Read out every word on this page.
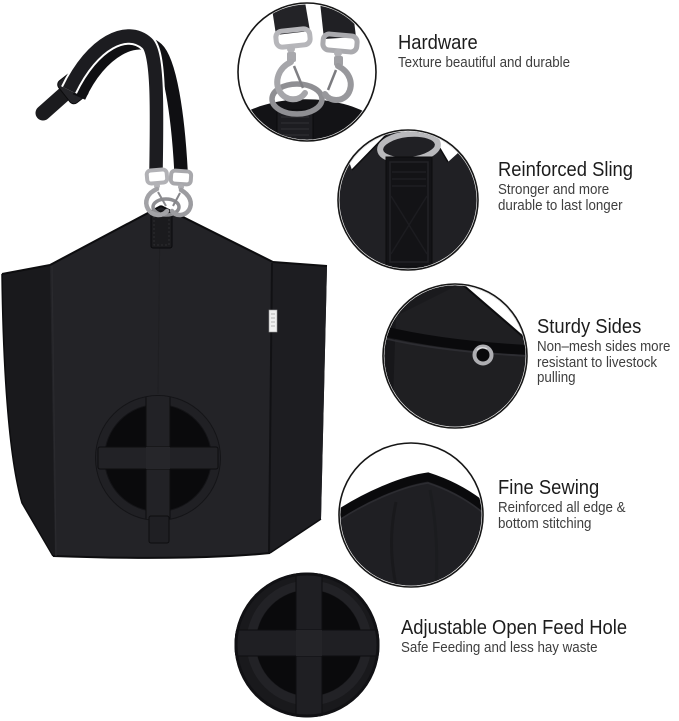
Hardware
Texture beautiful and durable
Reinforced Sling
Stronger and more
durable to last longer
Sturdy Sides
Non–mesh sides more
resistant to livestock
pulling
Fine Sewing
Reinforced all edge &
bottom stitching
Adjustable Open Feed Hole
Safe Feeding and less hay waste
